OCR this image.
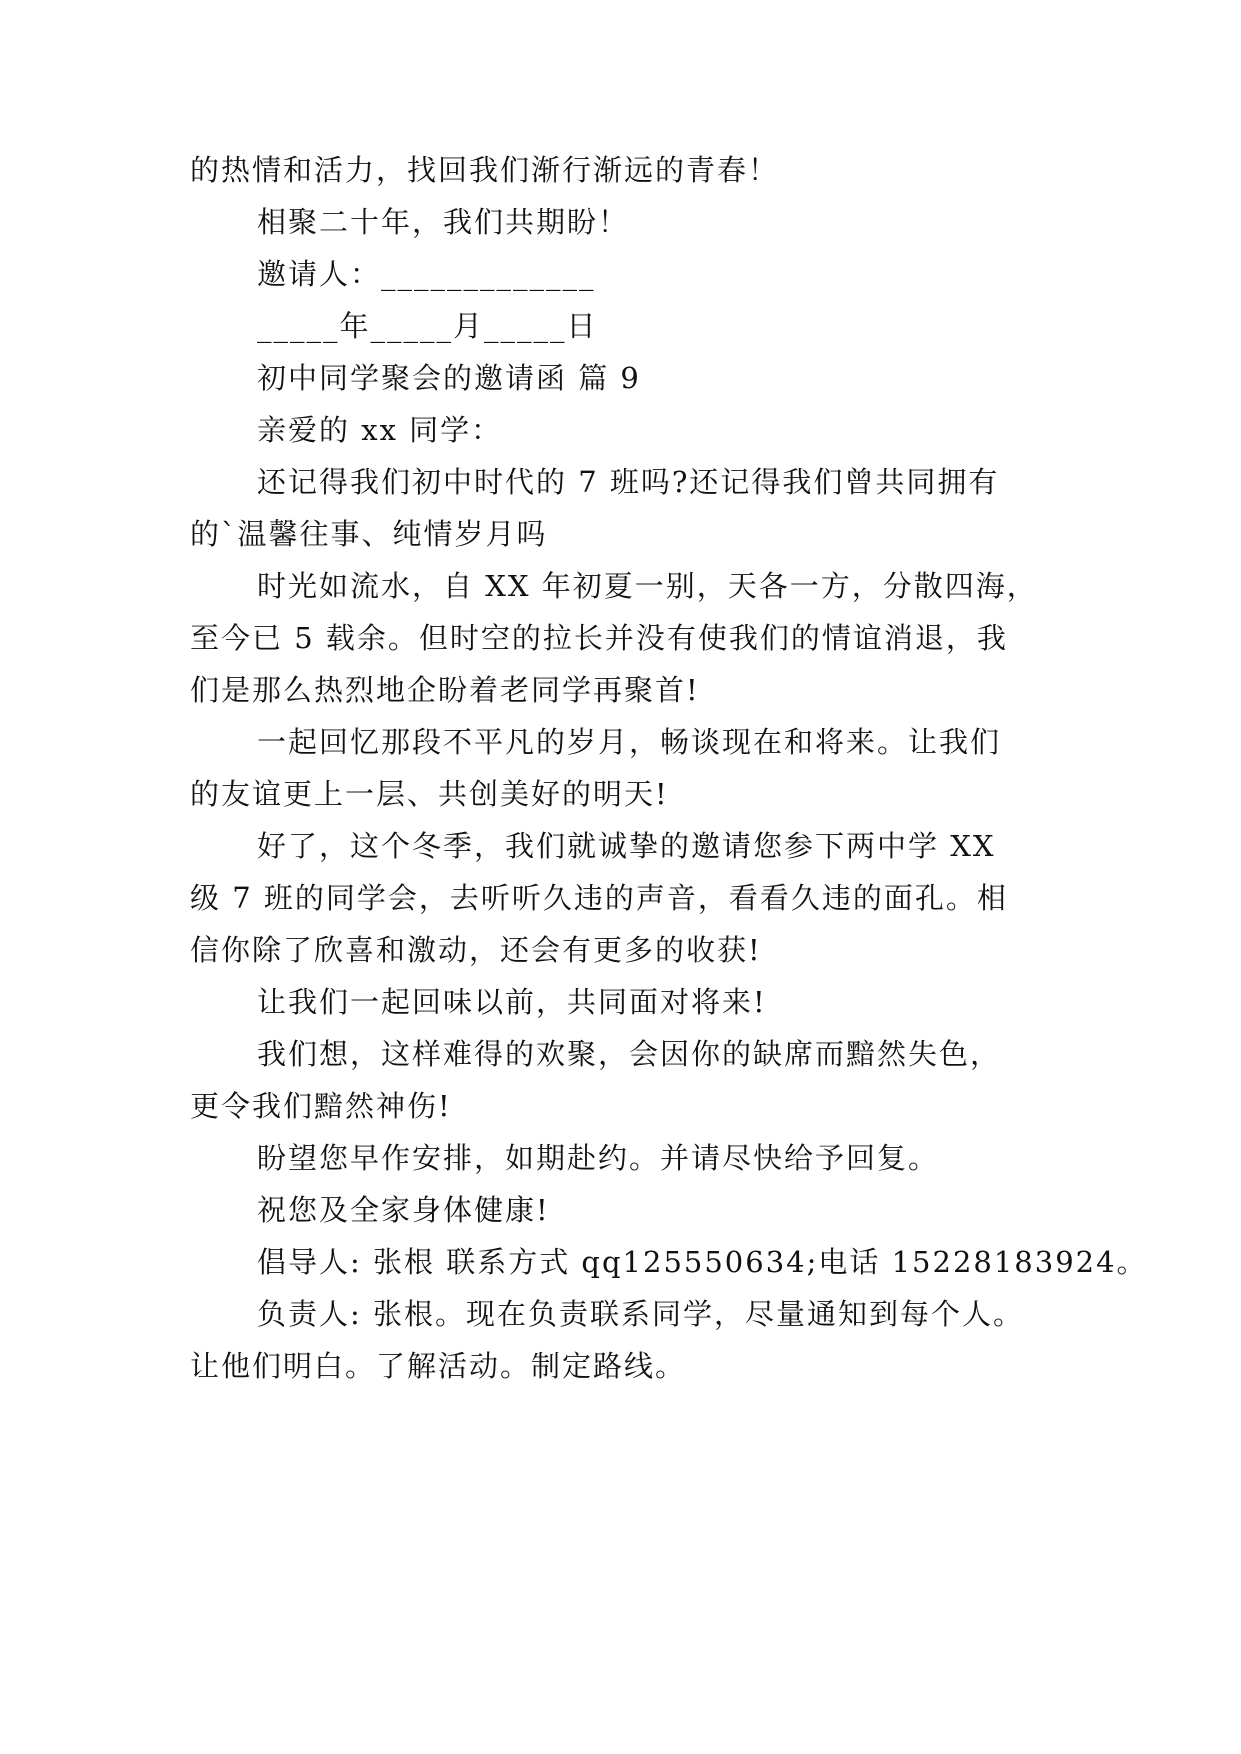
的热情和活力，找回我们渐行渐远的青春！
相聚二十年，我们共期盼！
邀请人：_____________
_____年_____月_____日
初中同学聚会的邀请函 篇 9
亲爱的 xx 同学：
还记得我们初中时代的 7 班吗?还记得我们曾共同拥有
的`温馨往事、纯情岁月吗
时光如流水，自 XX 年初夏一别，天各一方，分散四海，
至今已 5 载余。但时空的拉长并没有使我们的情谊消退，我
们是那么热烈地企盼着老同学再聚首!
一起回忆那段不平凡的岁月，畅谈现在和将来。让我们
的友谊更上一层、共创美好的明天!
好了，这个冬季，我们就诚挚的邀请您参下两中学 XX
级 7 班的同学会，去听听久违的声音，看看久违的面孔。相
信你除了欣喜和激动，还会有更多的收获!
让我们一起回味以前，共同面对将来!
我们想，这样难得的欢聚，会因你的缺席而黯然失色，
更令我们黯然神伤!
盼望您早作安排，如期赴约。并请尽快给予回复。
祝您及全家身体健康!
倡导人: 张根 联系方式 qq125550634;电话 15228183924。
负责人: 张根。现在负责联系同学，尽量通知到每个人。
让他们明白。了解活动。制定路线。
